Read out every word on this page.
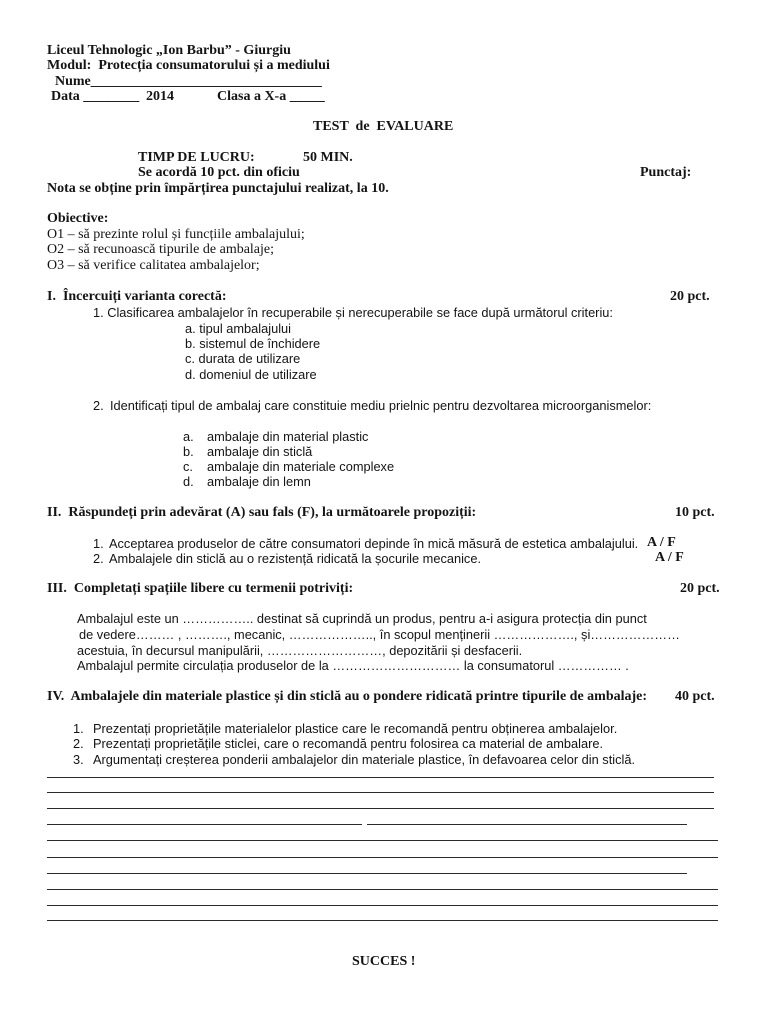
Liceul Tehnologic „Ion Barbu” - Giurgiu
Modul:  Protecția consumatorului și a mediului
Nume_________________________________
Data ________ 2014	Clasa a X-a _____
TEST  de  EVALUARE
TIMP DE LUCRU:	50 MIN.
Se acordă 10 pct. din oficiu	Punctaj:
Nota se obține prin împărțirea punctajului realizat, la 10.
Obiective:
O1 – să prezinte rolul și funcțiile ambalajului;
O2 – să recunoască tipurile de ambalaje;
O3 – să verifice calitatea ambalajelor;
I.  Încercuiți varianta corectă:	20 pct.
1. Clasificarea ambalajelor în recuperabile și nerecuperabile se face după următorul criteriu:
a. tipul ambalajului
b. sistemul de închidere
c. durata de utilizare
d. domeniul de utilizare
2. Identificați tipul de ambalaj care constituie mediu prielnic pentru dezvoltarea microorganismelor:
a. ambalaje din material plastic
b. ambalaje din sticlă
c. ambalaje din materiale complexe
d. ambalaje din lemn
II.  Răspundeți prin adevărat (A) sau fals (F), la următoarele propoziții:	10 pct.
1. Acceptarea produselor de către consumatori depinde în mică măsură de estetica ambalajului. A / F
2. Ambalajele din sticlă au o rezistență ridicată la șocurile mecanice.	A / F
III.  Completați spațiile libere cu termenii potriviți:	20 pct.
Ambalajul este un …………….. destinat să cuprindă un produs, pentru a-i asigura protecția din punct
de vedere……… , ………., mecanic, ……………….., în scopul menținerii ………………., și…………………
acestuia, în decursul manipulării, ………………………, depozitării și desfacerii.
Ambalajul permite circulația produselor de la ………………………… la consumatorul …………… .
IV.  Ambalajele din materiale plastice și din sticlă au o pondere ridicată printre tipurile de ambalaje: 40 pct.
1. Prezentați proprietățile materialelor plastice care le recomandă pentru obținerea ambalajelor.
2. Prezentați proprietățile sticlei, care o recomandă pentru folosirea ca material de ambalare.
3. Argumentați creșterea ponderii ambalajelor din materiale plastice, în defavoarea celor din sticlă.
SUCCES !
